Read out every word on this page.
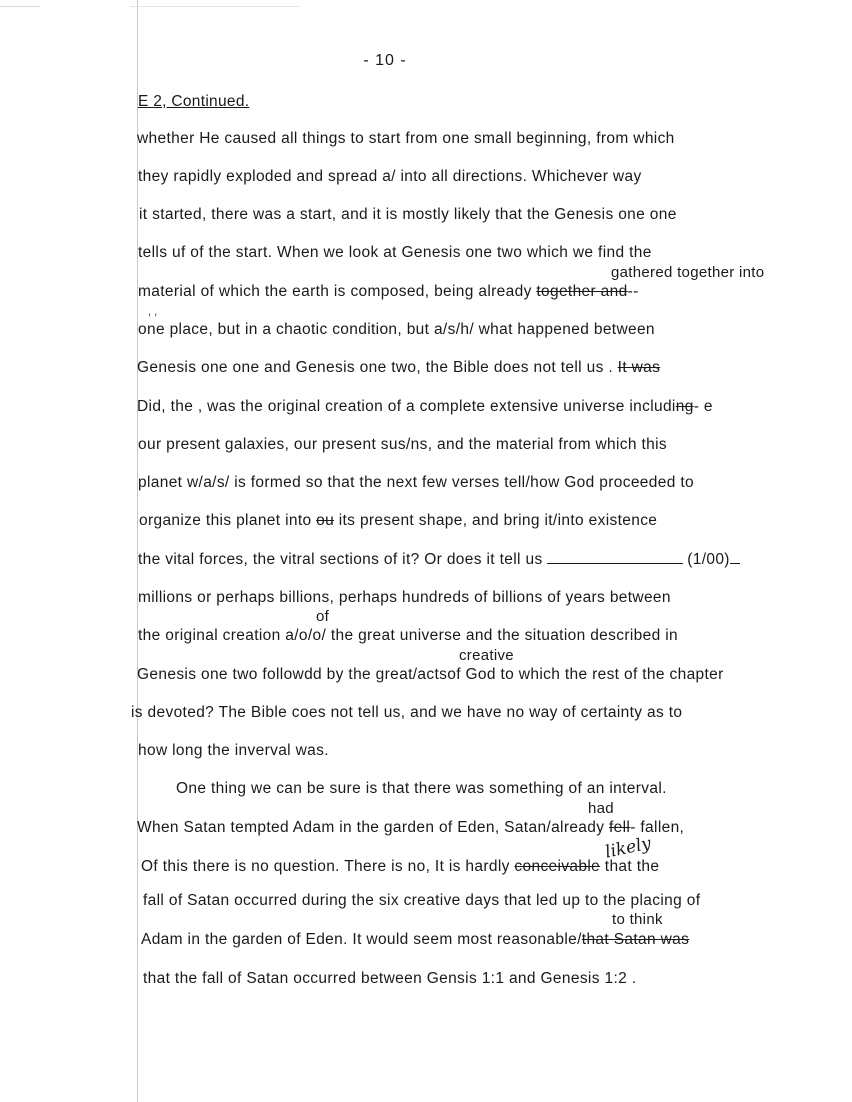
- 10 -
E 2, Continued.
gathered together into
, ,
of
creative
had
likely
to think
whether He caused all things to start from one small beginning, from which
they rapidly exploded and spread a/ into all directions. Whichever way
it started, there was a start, and it is mostly likely that the Genesis one one
tells uf of the start. When we look at Genesis one two which we find the
material of which the earth is composed, being already together and--
one place, but in a chaotic condition, but a/s/h/ what happened between
Genesis one one and Genesis one two, the Bible does not tell us . It was
Did, the , was the original creation of a complete extensive universe including- e
our present galaxies, our present sus/ns, and the material from which this
planet w/a/s/ is formed so that the next few verses tell/how God proceeded to
organize this planet into ou its present shape, and bring it/into existence
the vital forces, the vitral sections of it? Or does it tell us	(1/00)
millions or perhaps billions, perhaps hundreds of billions of years between
the original creation a/o/o/ the great universe and the situation described in
Genesis one two followdd by the great/actsof God to which the rest of the chapter
is devoted? The Bible coes not tell us, and we have no way of certainty as to
how long the inverval was.
One thing we can be sure is that there was something of an interval.
When Satan tempted Adam in the garden of Eden, Satan/already fell- fallen,
Of this there is no question. There is no, It is hardly conceivable that the
fall of Satan occurred during the six creative days that led up to the placing of
Adam in the garden of Eden. It would seem most reasonable/that Satan was
that the fall of Satan occurred between Gensis 1:1 and Genesis 1:2 .
